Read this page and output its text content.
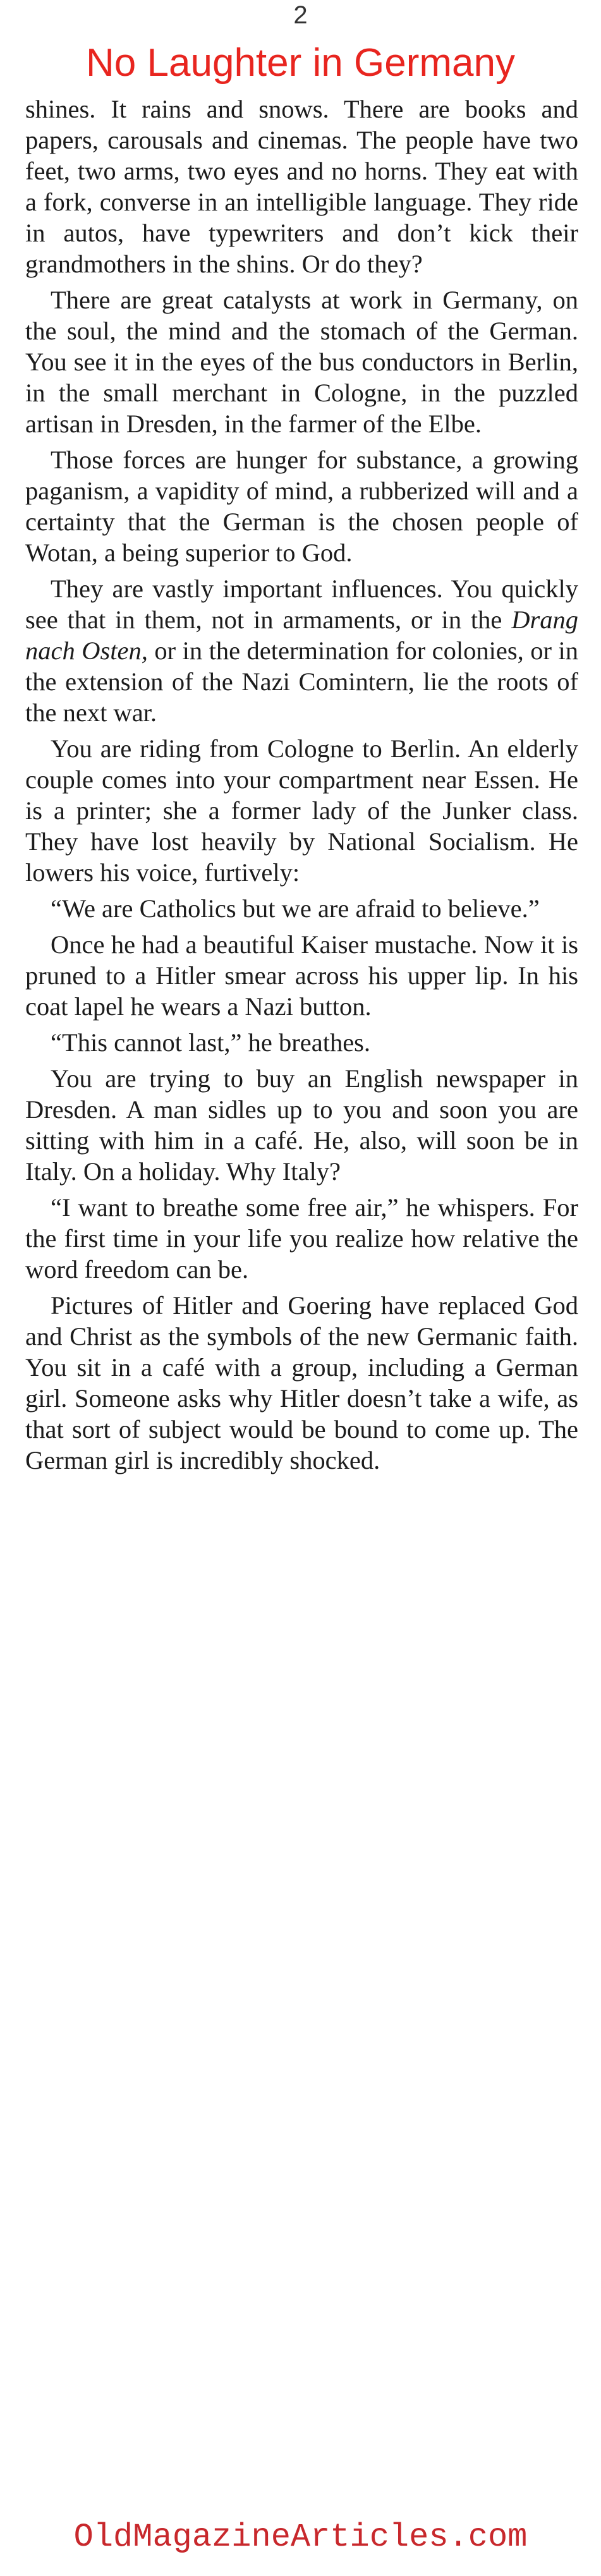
2
No Laughter in Germany

shines. It rains and snows. There are books and papers, carousals and cinemas. The people have two feet, two arms, two eyes and no horns. They eat with a fork, converse in an intelligible language. They ride in autos, have typewriters and don’t kick their grandmothers in the shins. Or do they?

There are great catalysts at work in Germany, on the soul, the mind and the stomach of the German. You see it in the eyes of the bus conductors in Berlin, in the small merchant in Cologne, in the puzzled artisan in Dresden, in the farmer of the Elbe.

Those forces are hunger for substance, a growing paganism, a vapidity of mind, a rubberized will and a certainty that the German is the chosen people of Wotan, a being superior to God.

They are vastly important influences. You quickly see that in them, not in armaments, or in the Drang nach Osten, or in the determination for colonies, or in the extension of the Nazi Comintern, lie the roots of the next war.

You are riding from Cologne to Berlin. An elderly couple comes into your compartment near Essen. He is a printer; she a former lady of the Junker class. They have lost heavily by National Socialism. He lowers his voice, furtively:

“We are Catholics but we are afraid to believe.”

Once he had a beautiful Kaiser mustache. Now it is pruned to a Hitler smear across his upper lip. In his coat lapel he wears a Nazi button.

“This cannot last,” he breathes.

You are trying to buy an English newspaper in Dresden. A man sidles up to you and soon you are sitting with him in a café. He, also, will soon be in Italy. On a holiday. Why Italy?

“I want to breathe some free air,” he whispers. For the first time in your life you realize how relative the word freedom can be.

Pictures of Hitler and Goering have replaced God and Christ as the symbols of the new Germanic faith. You sit in a café with a group, including a German girl. Someone asks why Hitler doesn’t take a wife, as that sort of subject would be bound to come up. The German girl is incredibly shocked.

OldMagazineArticles.com
